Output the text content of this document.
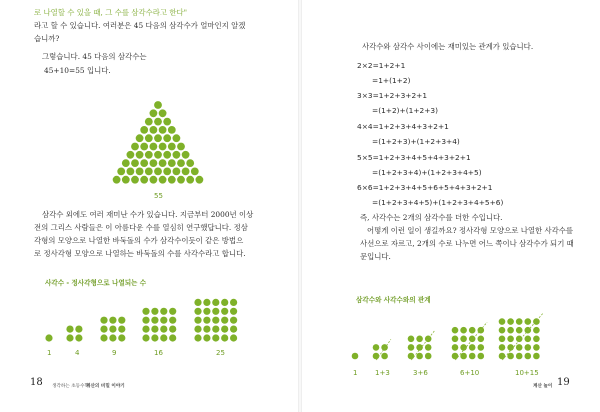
로 나열할 수 있을 때, 그 수를 삼각수라고 한다"
라고 할 수 있습니다. 여러분은 45 다음의 삼각수가 얼마인지 알겠
습니까?
그렇습니다. 45 다음의 삼각수는
45+10=55 입니다.
55
삼각수 외에도 여러 재미난 수가 있습니다. 지금부터 2000년 이상
전의 그리스 사람들은 이 아름다운 수를 열심히 연구했답니다. 정삼
각형의 모양으로 나열한 바둑돌의 수가 삼각수이듯이 같은 방법으
로 정사각형 모양으로 나열하는 바둑돌의 수를 사각수라고 합니다.
사각수 - 정사각형으로 나열되는 수
1	4	9	16	25
18 생각하는 초등수학
계산의 비밀 이야기
사각수와 삼각수 사이에는 재미있는 관계가 있습니다.
2×2=1+2+1
=1+(1+2)
3×3=1+2+3+2+1
=(1+2)+(1+2+3)
4×4=1+2+3+4+3+2+1
=(1+2+3)+(1+2+3+4)
5×5=1+2+3+4+5+4+3+2+1
=(1+2+3+4)+(1+2+3+4+5)
6×6=1+2+3+4+5+6+5+4+3+2+1
=(1+2+3+4+5)+(1+2+3+4+5+6)
즉, 사각수는 2개의 삼각수를 더한 수입니다.
어떻게 이런 일이 생길까요? 정사각형 모양으로 나열한 사각수를
사선으로 자르고, 2개의 수로 나누면 어느 쪽이나 삼각수가 되기 때
문입니다.
삼각수와 사각수와의 관계
1	1+3	3+6	6+10	10+15
계산 놀이 19
